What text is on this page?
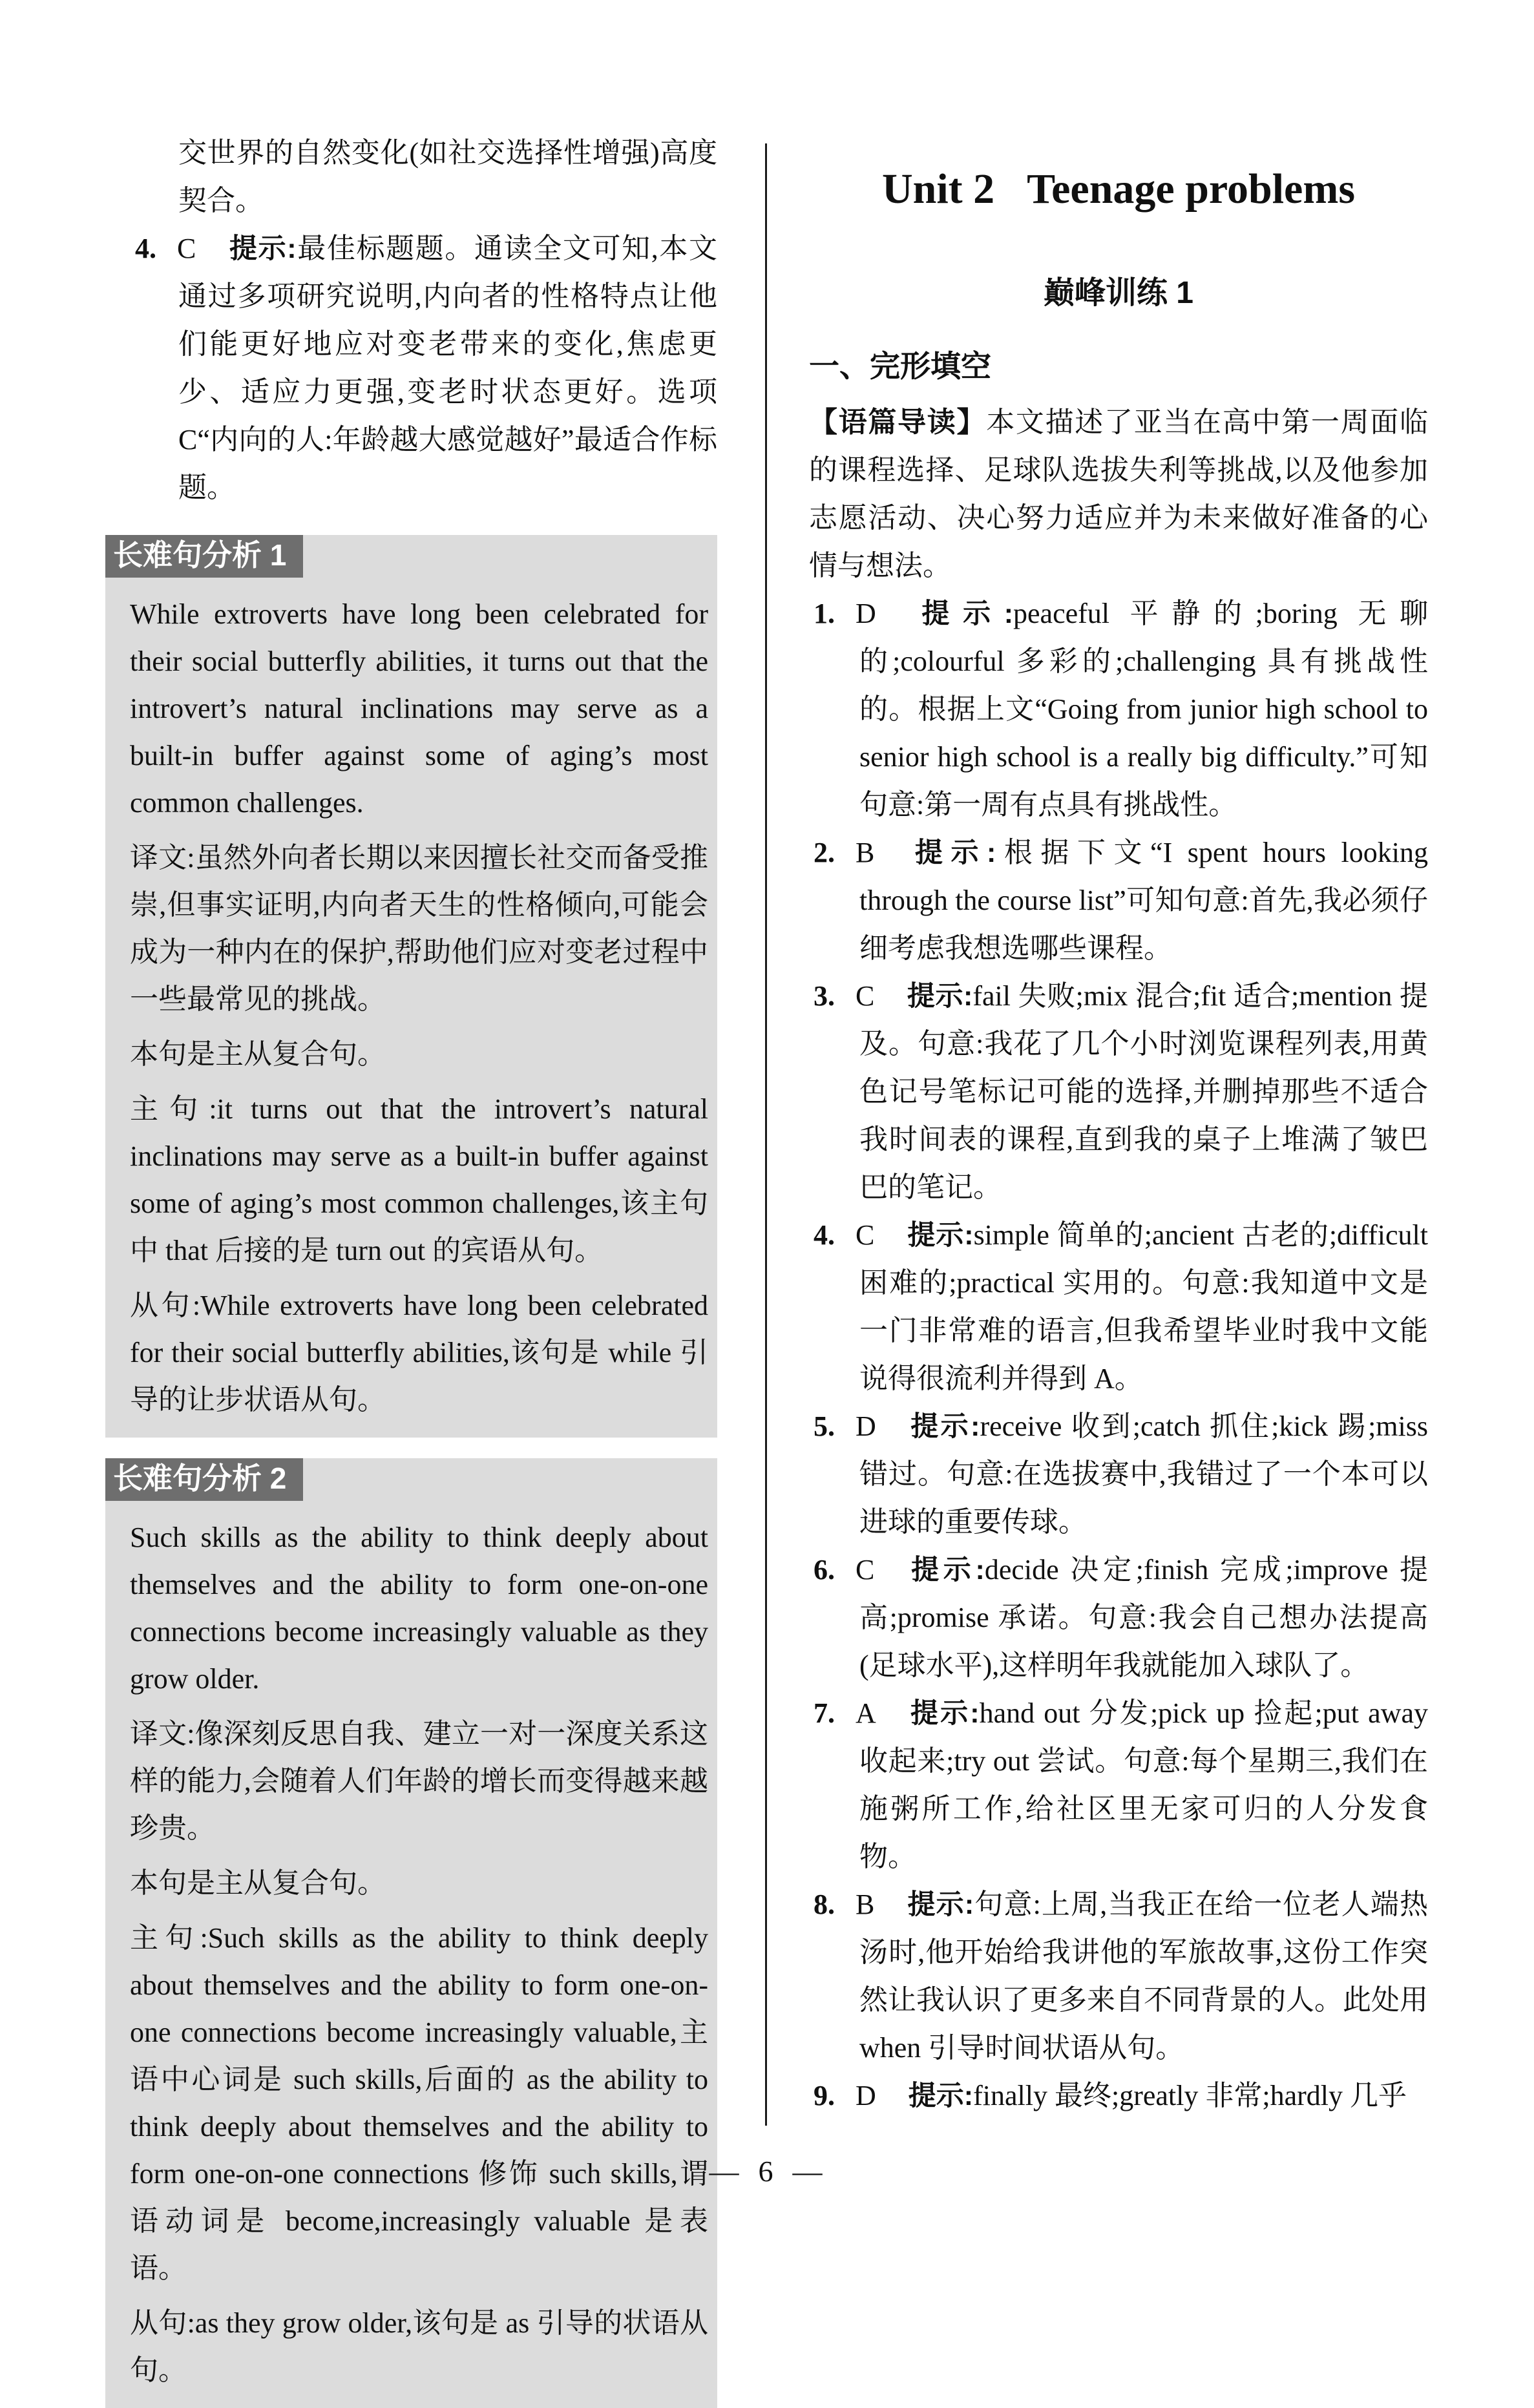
交世界的自然变化(如社交选择性增强)高度契合。

4. C 提示:最佳标题题。通读全文可知,本文通过多项研究说明,内向者的性格特点让他们能更好地应对变老带来的变化,焦虑更少、适应力更强,变老时状态更好。选项 C“内向的人:年龄越大感觉越好”最适合作标题。
长难句分析 1

While extroverts have long been celebrated for their social butterfly abilities, it turns out that the introvert’s natural inclinations may serve as a built-in buffer against some of aging’s most common challenges.

译文:虽然外向者长期以来因擅长社交而备受推崇,但事实证明,内向者天生的性格倾向,可能会成为一种内在的保护,帮助他们应对变老过程中一些最常见的挑战。

本句是主从复合句。

主句:it turns out that the introvert’s natural inclinations may serve as a built-in buffer against some of aging’s most common challenges,该主句中 that 后接的是 turn out 的宾语从句。

从句:While extroverts have long been celebrated for their social butterfly abilities,该句是 while 引导的让步状语从句。

长难句分析 2

Such skills as the ability to think deeply about themselves and the ability to form one-on-one connections become increasingly valuable as they grow older.

译文:像深刻反思自我、建立一对一深度关系这样的能力,会随着人们年龄的增长而变得越来越珍贵。

本句是主从复合句。

主句:Such skills as the ability to think deeply about themselves and the ability to form one-on-one connections become increasingly valuable,主语中心词是 such skills,后面的 as the ability to think deeply about themselves and the ability to form one-on-one connections 修饰 such skills,谓语动词是 become,increasingly valuable 是表语。

从句:as they grow older,该句是 as 引导的状语从句。

Unit 2 Teenage problems
巅峰训练 1
一、完形填空

【语篇导读】本文描述了亚当在高中第一周面临的课程选择、足球队选拔失利等挑战,以及他参加志愿活动、决心努力适应并为未来做好准备的心情与想法。

1. D 提示:peaceful 平静的;boring 无聊的;colourful 多彩的;challenging 具有挑战性的。根据上文“Going from junior high school to senior high school is a really big difficulty.”可知句意:第一周有点具有挑战性。
2. B 提示:根据下文“I spent hours looking through the course list”可知句意:首先,我必须仔细考虑我想选哪些课程。
3. C 提示:fail 失败;mix 混合;fit 适合;mention 提及。句意:我花了几个小时浏览课程列表,用黄色记号笔标记可能的选择,并删掉那些不适合我时间表的课程,直到我的桌子上堆满了皱巴巴的笔记。
4. C 提示:simple 简单的;ancient 古老的;difficult 困难的;practical 实用的。句意:我知道中文是一门非常难的语言,但我希望毕业时我中文能说得很流利并得到 A。
5. D 提示:receive 收到;catch 抓住;kick 踢;miss 错过。句意:在选拔赛中,我错过了一个本可以进球的重要传球。
6. C 提示:decide 决定;finish 完成;improve 提高;promise 承诺。句意:我会自己想办法提高(足球水平),这样明年我就能加入球队了。
7. A 提示:hand out 分发;pick up 捡起;put away 收起来;try out 尝试。句意:每个星期三,我们在施粥所工作,给社区里无家可归的人分发食物。
8. B 提示:句意:上周,当我正在给一位老人端热汤时,他开始给我讲他的军旅故事,这份工作突然让我认识了更多来自不同背景的人。此处用 when 引导时间状语从句。
9. D 提示:finally 最终;greatly 非常;hardly 几乎
— 6 —
